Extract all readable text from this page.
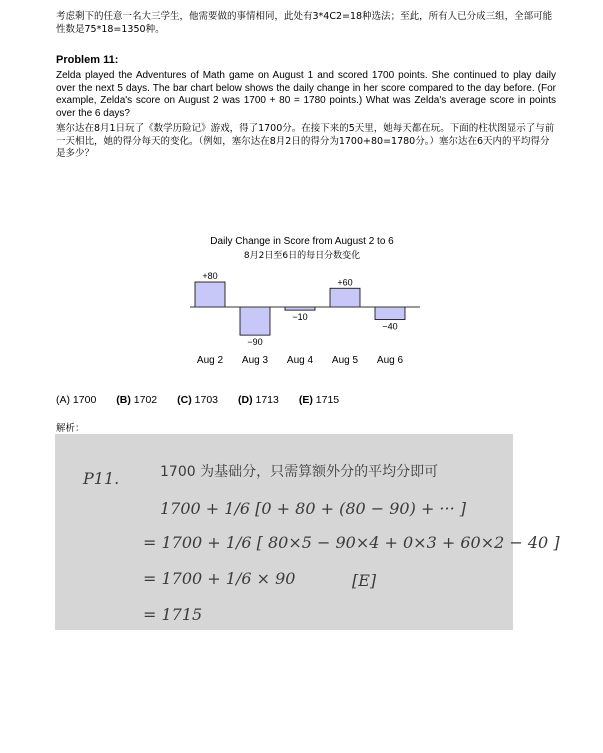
考虑剩下的任意一名大三学生，他需要做的事情相同，此处有3*4C2=18种选法；至此，所有人已分成三组，全部可能性数是75*18=1350种。

Problem 11:

Zelda played the Adventures of Math game on August 1 and scored 1700 points. She continued to play daily over the next 5 days. The bar chart below shows the daily change in her score compared to the day before. (For example, Zelda's score on August 2 was 1700 + 80 = 1780 points.) What was Zelda's average score in points over the 6 days?

塞尔达在8月1日玩了《数学历险记》游戏，得了1700分。在接下来的5天里，她每天都在玩。下面的柱状图显示了与前一天相比，她的得分每天的变化。（例如，塞尔达在8月2日的得分为1700+80=1780分。）塞尔达在6天内的平均得分是多少？

Daily Change in Score from August 2 to 6
8月2日至6日的每日分数变化
+80
Aug 2
−90
Aug 3
−10
Aug 4
+60
Aug 5
−40
Aug 6
(A) 1700 (B) 1702 (C) 1703 (D) 1713 (E) 1715

解析：

P11.	1700 为基础分，只需算额外分的平均分即可
1700 + 1/6 [0 + 80 + (80 − 90) + ··· ]
= 1700 + 1/6 [ 80×5 − 90×4 + 0×3 + 60×2 − 40 ]
= 1700 + 1/6 × 90	[E]
= 1715
